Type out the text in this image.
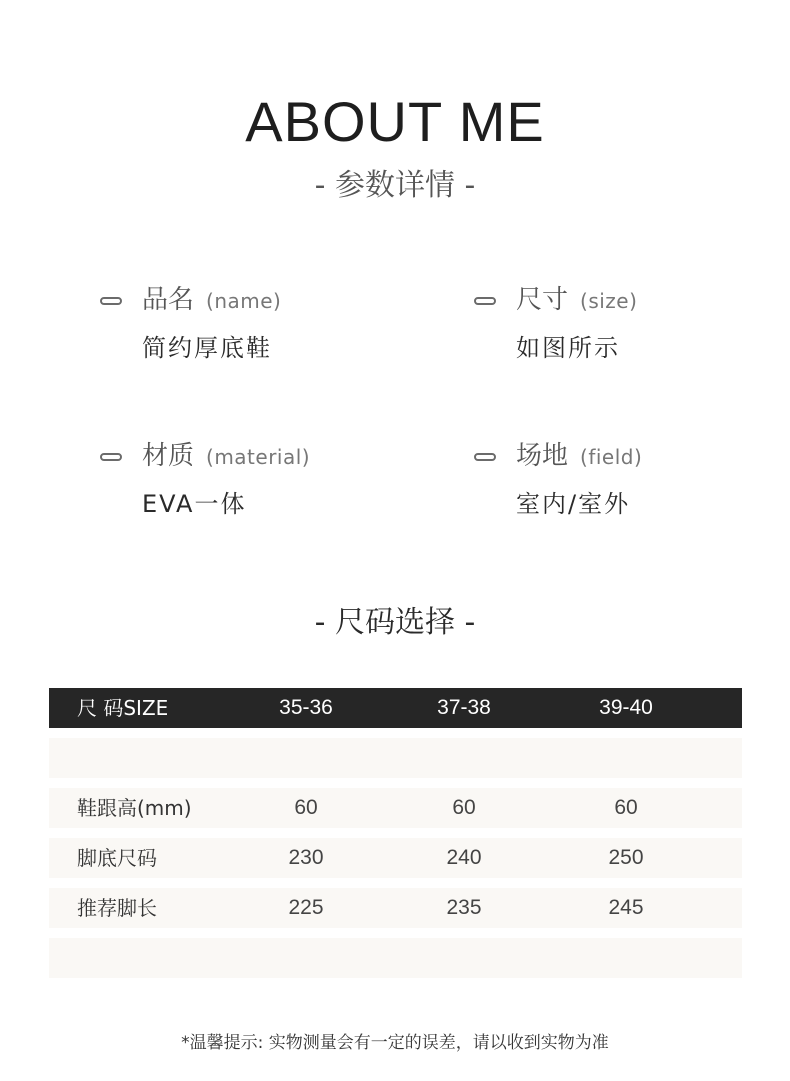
ABOUT ME
- 参数详情 -
品名 (name)
简约厚底鞋
尺寸 (size)
如图所示
材质 (material)
EVA一体
场地 (field)
室内/室外
- 尺码选择 -
尺 码SIZE	35-36	37-38	39-40
鞋跟高(mm)	60	60	60
脚底尺码	230	240	250
推荐脚长	225	235	245
*温馨提示: 实物测量会有一定的误差，请以收到实物为准
